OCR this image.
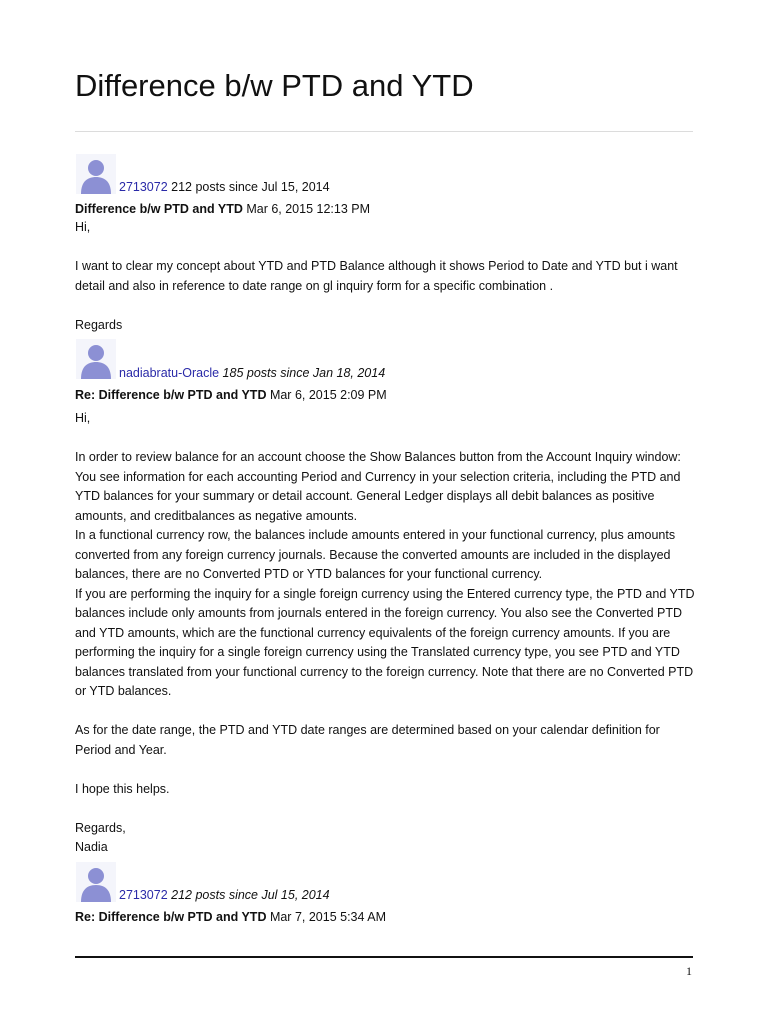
Difference b/w PTD and YTD
2713072 212 posts since Jul 15, 2014
Difference b/w PTD and YTD Mar 6, 2015 12:13 PM

Hi,

I want to clear my concept about YTD and PTD Balance although it shows Period to Date and YTD but i want detail and also in reference to date range on gl inquiry form for a specific combination .

Regards

nadiabratu-Oracle 185 posts since Jan 18, 2014
Re: Difference b/w PTD and YTD Mar 6, 2015 2:09 PM

Hi,

In order to review balance for an account choose the Show Balances button from the Account Inquiry window: You see information for each accounting Period and Currency in your selection criteria, including the PTD and YTD balances for your summary or detail account. General Ledger displays all debit balances as positive amounts, and creditbalances as negative amounts.

In a functional currency row, the balances include amounts entered in your functional currency, plus amounts converted from any foreign currency journals. Because the converted amounts are included in the displayed balances, there are no Converted PTD or YTD balances for your functional currency.

If you are performing the inquiry for a single foreign currency using the Entered currency type, the PTD and YTD balances include only amounts from journals entered in the foreign currency. You also see the Converted PTD and YTD amounts, which are the functional currency equivalents of the foreign currency amounts. If you are performing the inquiry for a single foreign currency using the Translated currency type, you see PTD and YTD balances translated from your functional currency to the foreign currency. Note that there are no Converted PTD or YTD balances.

As for the date range, the PTD and YTD date ranges are determined based on your calendar definition for Period and Year.

I hope this helps.

Regards,

Nadia

2713072 212 posts since Jul 15, 2014
Re: Difference b/w PTD and YTD Mar 7, 2015 5:34 AM
1
